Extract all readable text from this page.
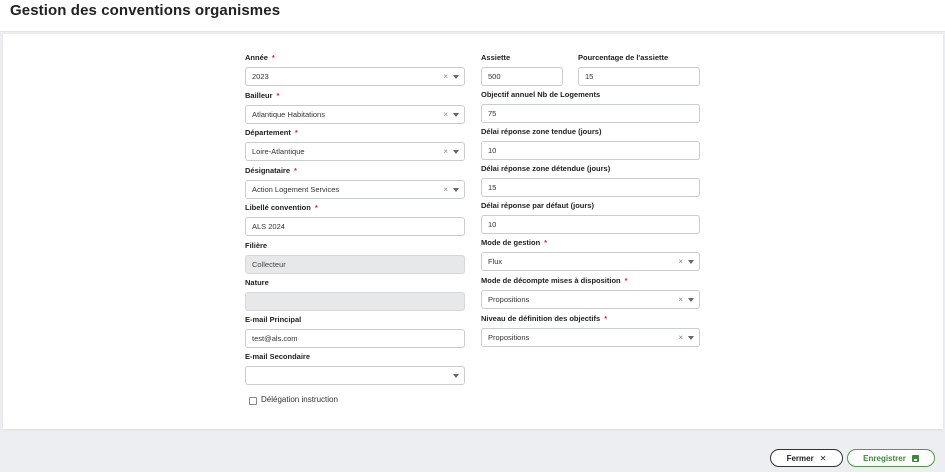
Gestion des conventions organismes
Année *
2023	×
Bailleur *
Atlantique Habitations	×
Département *
Loire-Atlantique	×
Désignataire *
Action Logement Services	×
Libellé convention *
ALS 2024
Filière
Collecteur
Nature
E-mail Principal
test@als.com
E-mail Secondaire
Délégation instruction
Assiette
500
Pourcentage de l'assiette
15
Objectif annuel Nb de Logements
75
Délai réponse zone tendue (jours)
10
Délai réponse zone détendue (jours)
15
Délai réponse par défaut (jours)
10
Mode de gestion *
Flux	×
Mode de décompte mises à disposition *
Propositions	×
Niveau de définition des objectifs *
Propositions	×
Fermer ✕	Enregistrer
